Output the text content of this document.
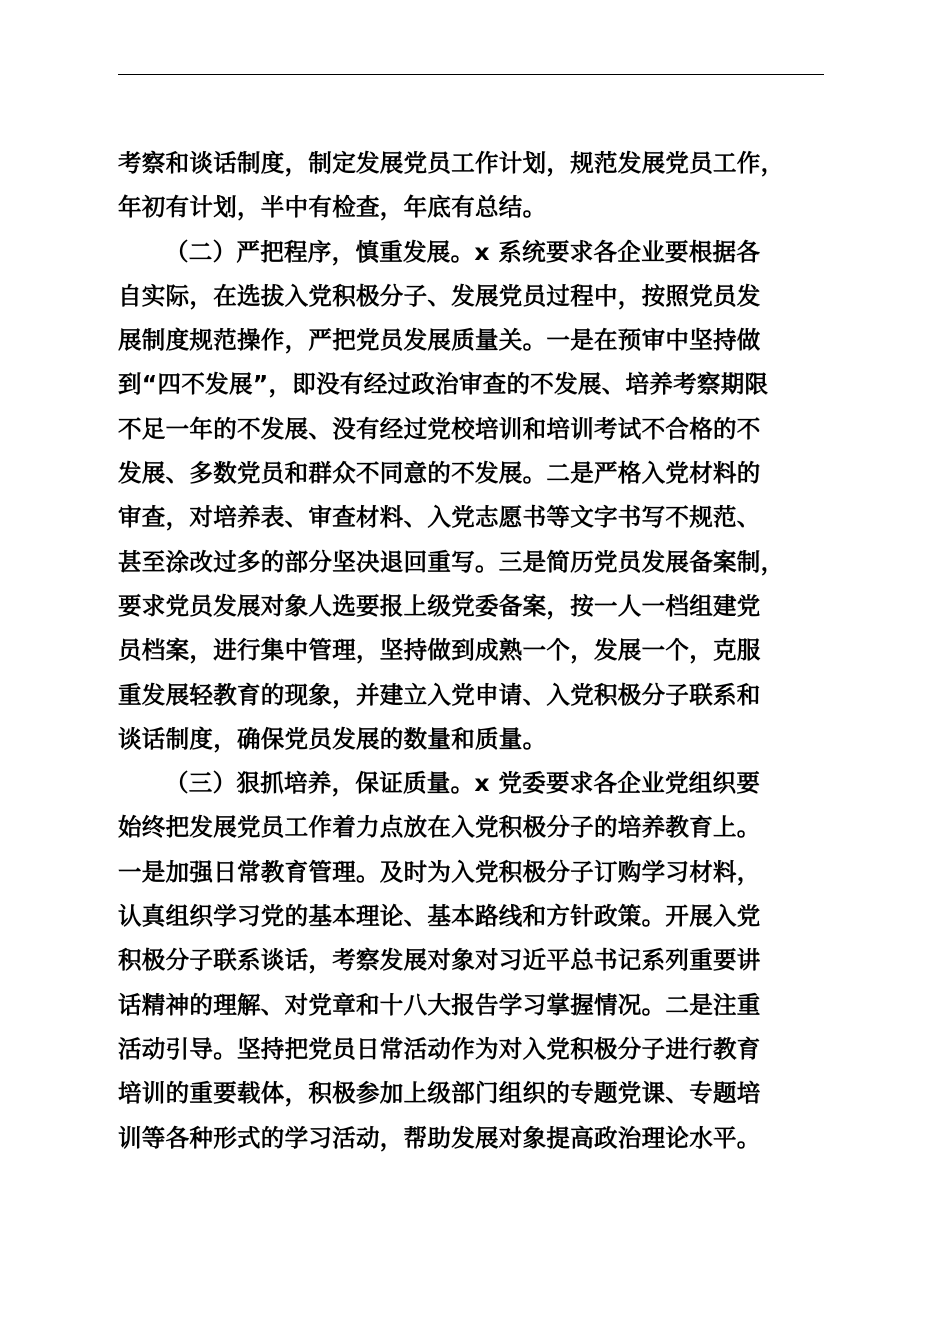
考察和谈话制度，制定发展党员工作计划，规范发展党员工作，
年初有计划，半中有检查，年底有总结。
（二）严把程序，慎重发展。x 系统要求各企业要根据各
自实际，在选拔入党积极分子、发展党员过程中，按照党员发
展制度规范操作，严把党员发展质量关。一是在预审中坚持做
到“四不发展”，即没有经过政治审查的不发展、培养考察期限
不足一年的不发展、没有经过党校培训和培训考试不合格的不
发展、多数党员和群众不同意的不发展。二是严格入党材料的
审查，对培养表、审查材料、入党志愿书等文字书写不规范、
甚至涂改过多的部分坚决退回重写。三是简历党员发展备案制，
要求党员发展对象人选要报上级党委备案，按一人一档组建党
员档案，进行集中管理，坚持做到成熟一个，发展一个，克服
重发展轻教育的现象，并建立入党申请、入党积极分子联系和
谈话制度，确保党员发展的数量和质量。
（三）狠抓培养，保证质量。x 党委要求各企业党组织要
始终把发展党员工作着力点放在入党积极分子的培养教育上。
一是加强日常教育管理。及时为入党积极分子订购学习材料，
认真组织学习党的基本理论、基本路线和方针政策。开展入党
积极分子联系谈话，考察发展对象对习近平总书记系列重要讲
话精神的理解、对党章和十八大报告学习掌握情况。二是注重
活动引导。坚持把党员日常活动作为对入党积极分子进行教育
培训的重要载体，积极参加上级部门组织的专题党课、专题培
训等各种形式的学习活动，帮助发展对象提高政治理论水平。
